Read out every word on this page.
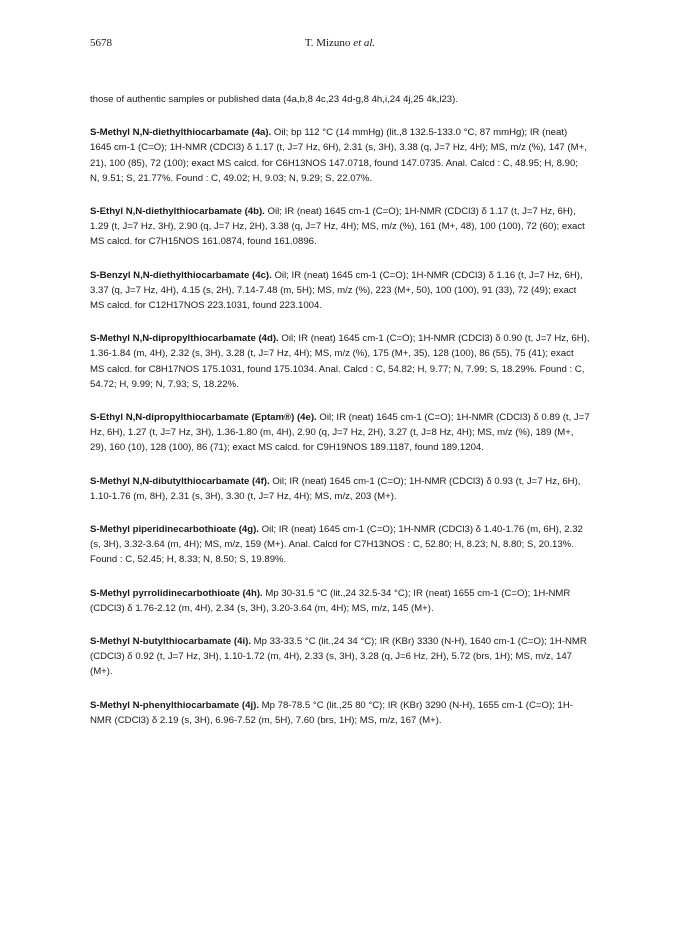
5678	T. Mizuno et al.

those of authentic samples or published data (4a,b,8 4c,23 4d-g,8 4h,i,24 4j,25 4k,l23).

S-Methyl N,N-diethylthiocarbamate (4a). Oil; bp 112 °C (14 mmHg) (lit.,8 132.5-133.0 °C, 87 mmHg); IR (neat) 1645 cm-1 (C=O); 1H-NMR (CDCl3) δ 1.17 (t, J=7 Hz, 6H), 2.31 (s, 3H), 3.38 (q, J=7 Hz, 4H); MS, m/z (%), 147 (M+, 21), 100 (85), 72 (100); exact MS calcd. for C6H13NOS 147.0718, found 147.0735. Anal. Calcd : C, 48.95; H, 8.90; N, 9.51; S, 21.77%. Found : C, 49.02; H, 9.03; N, 9.29; S, 22.07%.

S-Ethyl N,N-diethylthiocarbamate (4b). Oil; IR (neat) 1645 cm-1 (C=O); 1H-NMR (CDCl3) δ 1.17 (t, J=7 Hz, 6H), 1.29 (t, J=7 Hz, 3H), 2.90 (q, J=7 Hz, 2H), 3.38 (q, J=7 Hz, 4H); MS, m/z (%), 161 (M+, 48), 100 (100), 72 (60); exact MS calcd. for C7H15NOS 161.0874, found 161.0896.

S-Benzyl N,N-diethylthiocarbamate (4c). Oil; IR (neat) 1645 cm-1 (C=O); 1H-NMR (CDCl3) δ 1.16 (t, J=7 Hz, 6H), 3.37 (q, J=7 Hz, 4H), 4.15 (s, 2H), 7.14-7.48 (m, 5H); MS, m/z (%), 223 (M+, 50), 100 (100), 91 (33), 72 (49); exact MS calcd. for C12H17NOS 223.1031, found 223.1004.

S-Methyl N,N-dipropylthiocarbamate (4d). Oil; IR (neat) 1645 cm-1 (C=O); 1H-NMR (CDCl3) δ 0.90 (t, J=7 Hz, 6H), 1.36-1.84 (m, 4H), 2.32 (s, 3H), 3.28 (t, J=7 Hz, 4H); MS, m/z (%), 175 (M+, 35), 128 (100), 86 (55), 75 (41); exact MS calcd. for C8H17NOS 175.1031, found 175.1034. Anal. Calcd : C, 54.82; H, 9.77; N, 7.99; S, 18.29%. Found : C, 54.72; H, 9.99; N, 7.93; S, 18.22%.

S-Ethyl N,N-dipropylthiocarbamate (Eptam®) (4e). Oil; IR (neat) 1645 cm-1 (C=O); 1H-NMR (CDCl3) δ 0.89 (t, J=7 Hz, 6H), 1.27 (t, J=7 Hz, 3H), 1.36-1.80 (m, 4H), 2.90 (q, J=7 Hz, 2H), 3.27 (t, J=8 Hz, 4H); MS, m/z (%), 189 (M+, 29), 160 (10), 128 (100), 86 (71); exact MS calcd. for C9H19NOS 189.1187, found 189.1204.

S-Methyl N,N-dibutylthiocarbamate (4f). Oil; IR (neat) 1645 cm-1 (C=O); 1H-NMR (CDCl3) δ 0.93 (t, J=7 Hz, 6H), 1.10-1.76 (m, 8H), 2.31 (s, 3H), 3.30 (t, J=7 Hz, 4H); MS, m/z, 203 (M+).

S-Methyl piperidinecarbothioate (4g). Oil; IR (neat) 1645 cm-1 (C=O); 1H-NMR (CDCl3) δ 1.40-1.76 (m, 6H), 2.32 (s, 3H), 3.32-3.64 (m, 4H); MS, m/z, 159 (M+). Anal. Calcd for C7H13NOS : C, 52.80; H, 8.23; N, 8.80; S, 20.13%. Found : C, 52.45; H, 8.33; N, 8.50; S, 19.89%.

S-Methyl pyrrolidinecarbothioate (4h). Mp 30-31.5 °C (lit.,24 32.5-34 °C); IR (neat) 1655 cm-1 (C=O); 1H-NMR (CDCl3) δ 1.76-2.12 (m, 4H), 2.34 (s, 3H), 3.20-3.64 (m, 4H); MS, m/z, 145 (M+).

S-Methyl N-butylthiocarbamate (4i). Mp 33-33.5 °C (lit.,24 34 °C); IR (KBr) 3330 (N-H), 1640 cm-1 (C=O); 1H-NMR (CDCl3) δ 0.92 (t, J=7 Hz, 3H), 1.10-1.72 (m, 4H), 2.33 (s, 3H), 3.28 (q, J=6 Hz, 2H), 5.72 (brs, 1H); MS, m/z, 147 (M+).

S-Methyl N-phenylthiocarbamate (4j). Mp 78-78.5 °C (lit.,25 80 °C); IR (KBr) 3290 (N-H), 1655 cm-1 (C=O); 1H-NMR (CDCl3) δ 2.19 (s, 3H), 6.96-7.52 (m, 5H), 7.60 (brs, 1H); MS, m/z, 167 (M+).
